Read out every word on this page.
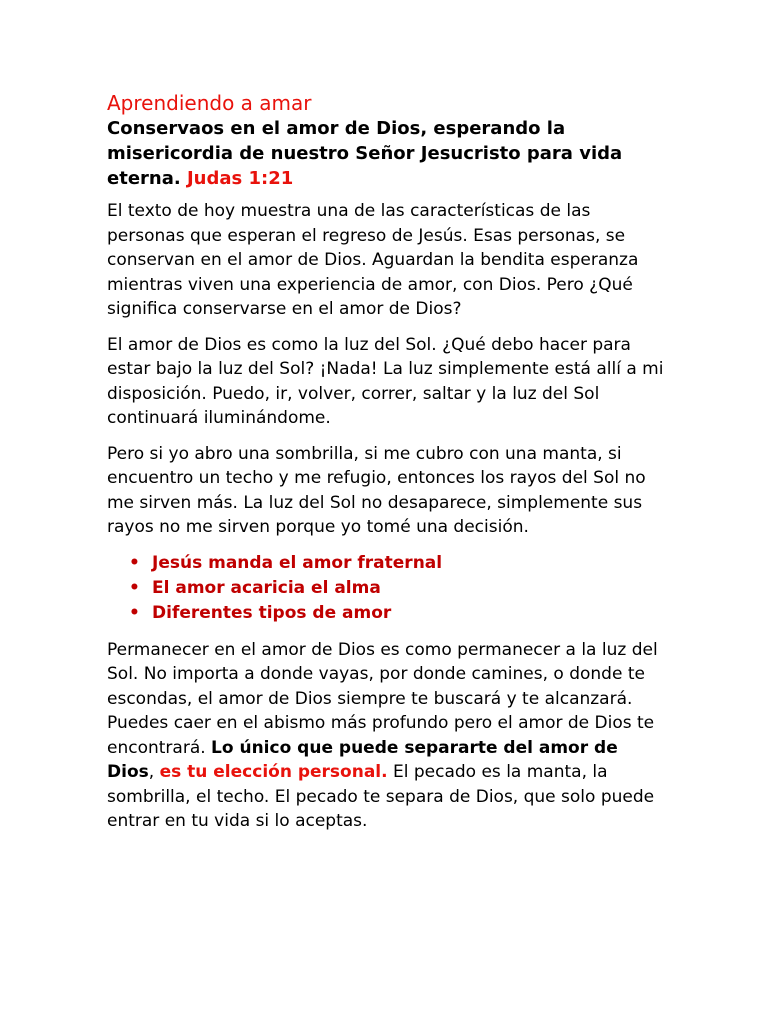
Aprendiendo a amar

Conservaos en el amor de Dios, esperando la misericordia de nuestro Señor Jesucristo para vida eterna. Judas 1:21

El texto de hoy muestra una de las características de las personas que esperan el regreso de Jesús. Esas personas, se conservan en el amor de Dios. Aguardan la bendita esperanza mientras viven una experiencia de amor, con Dios. Pero ¿Qué significa conservarse en el amor de Dios?

El amor de Dios es como la luz del Sol. ¿Qué debo hacer para estar bajo la luz del Sol? ¡Nada! La luz simplemente está allí a mi disposición. Puedo, ir, volver, correr, saltar y la luz del Sol continuará iluminándome.

Pero si yo abro una sombrilla, si me cubro con una manta, si encuentro un techo y me refugio, entonces los rayos del Sol no me sirven más. La luz del Sol no desaparece, simplemente sus rayos no me sirven porque yo tomé una decisión.

• Jesús manda el amor fraternal
• El amor acaricia el alma
• Diferentes tipos de amor

Permanecer en el amor de Dios es como permanecer a la luz del Sol. No importa a donde vayas, por donde camines, o donde te escondas, el amor de Dios siempre te buscará y te alcanzará. Puedes caer en el abismo más profundo pero el amor de Dios te encontrará. Lo único que puede separarte del amor de Dios, es tu elección personal. El pecado es la manta, la sombrilla, el techo. El pecado te separa de Dios, que solo puede entrar en tu vida si lo aceptas.
